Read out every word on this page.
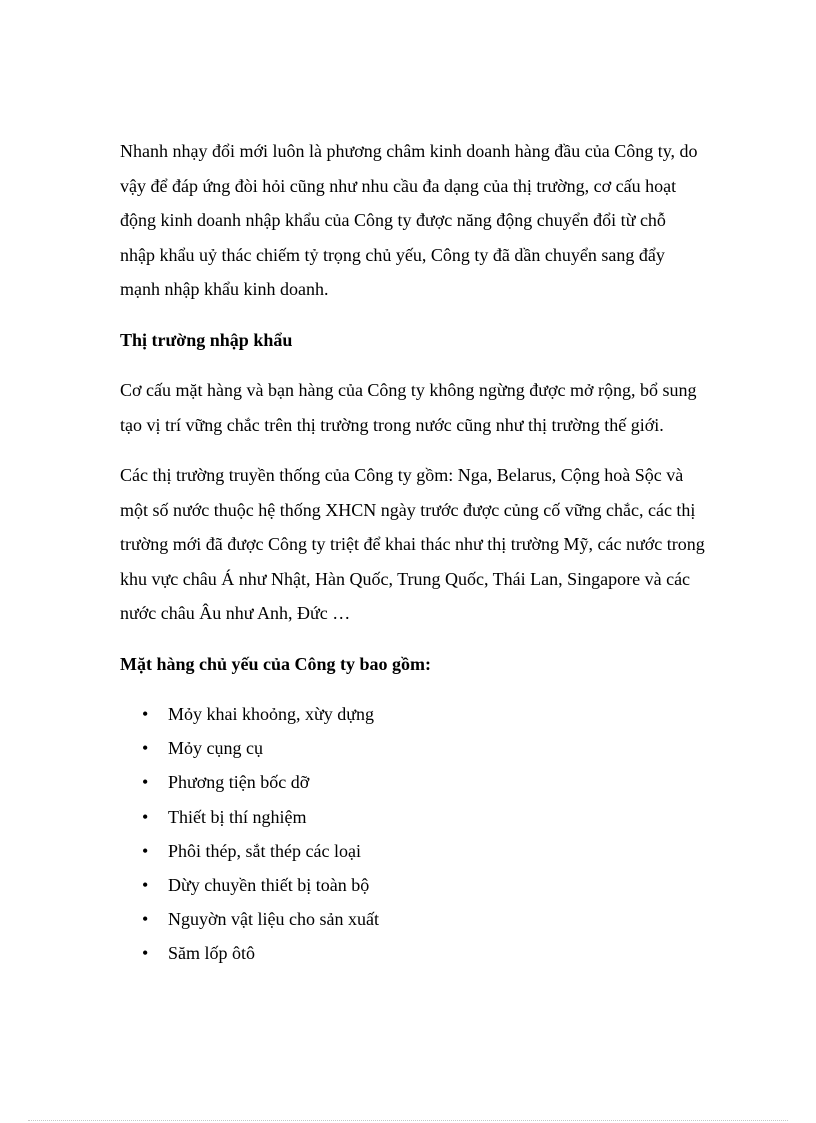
Nhanh nhạy đổi mới luôn là phương châm kinh doanh hàng đầu của Công ty, do vậy để đáp ứng đòi hỏi cũng như nhu cầu đa dạng của thị trường, cơ cấu hoạt động kinh doanh nhập khẩu của Công ty được năng động chuyển đổi từ chỗ nhập khẩu uỷ thác chiếm tỷ trọng chủ yếu, Công ty đã dần chuyển sang đẩy mạnh nhập khẩu kinh doanh.

Thị trường nhập khẩu

Cơ cấu mặt hàng và bạn hàng của Công ty không ngừng được mở rộng, bổ sung tạo vị trí vững chắc trên thị trường trong nước cũng như thị trường thế giới.

Các thị trường truyền thống của Công ty gồm: Nga, Belarus, Cộng hoà Sộc và một số nước thuộc hệ thống XHCN ngày trước được củng cố vững chắc, các thị trường mới đã được Công ty triệt để khai thác như thị trường Mỹ, các nước trong khu vực châu Á như Nhật, Hàn Quốc, Trung Quốc, Thái Lan, Singapore và các nước châu Âu như Anh, Đức …

Mặt hàng chủ yếu của Công ty bao gồm:

• Mỏy khai khoỏng, xừy dựng
• Mỏy cụng cụ
• Phương tiện bốc dỡ
• Thiết bị thí nghiệm
• Phôi thép, sắt thép các loại
• Dừy chuyền thiết bị toàn bộ
• Nguyờn vật liệu cho sản xuất
• Săm lốp ôtô
